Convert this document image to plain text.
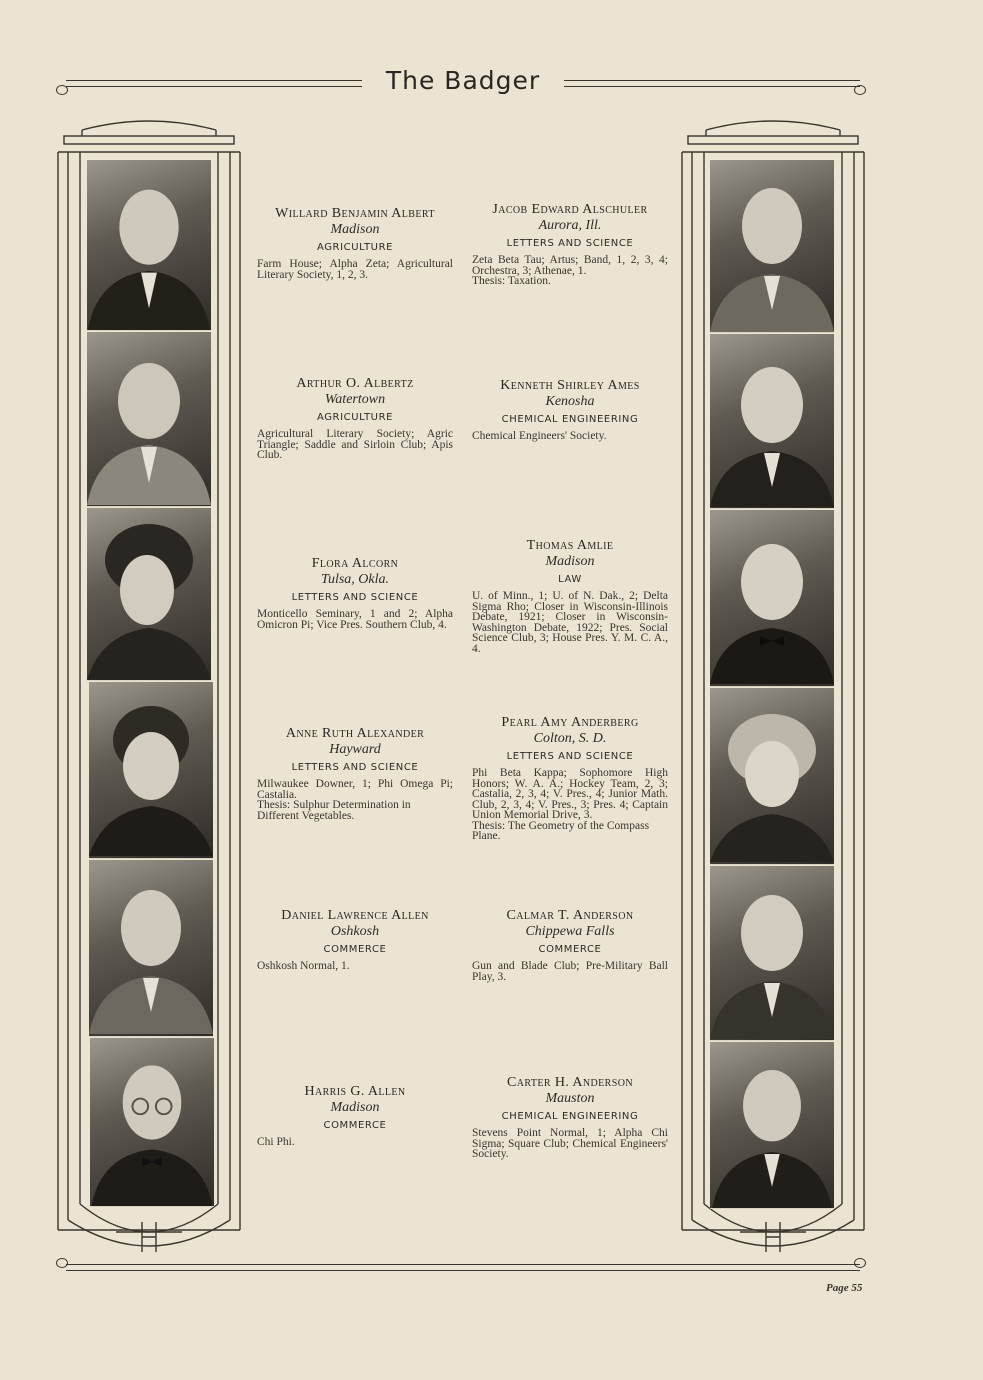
The Badger
Willard Benjamin Albert
Madison
AGRICULTURE
Farm House; Alpha Zeta; Agricultural Literary Society, 1, 2, 3.
Arthur O. Albertz
Watertown
AGRICULTURE
Agricultural Literary Society; Agric Triangle; Saddle and Sirloin Club; Apis Club.
Flora Alcorn
Tulsa, Okla.
LETTERS AND SCIENCE
Monticello Seminary, 1 and 2; Alpha Omicron Pi; Vice Pres. Southern Club, 4.
Anne Ruth Alexander
Hayward
LETTERS AND SCIENCE
Milwaukee Downer, 1; Phi Omega Pi; Castalia.
Thesis: Sulphur Determination in Different Vegetables.
Daniel Lawrence Allen
Oshkosh
COMMERCE
Oshkosh Normal, 1.
Harris G. Allen
Madison
COMMERCE
Chi Phi.
Jacob Edward Alschuler
Aurora, Ill.
LETTERS AND SCIENCE
Zeta Beta Tau; Artus; Band, 1, 2, 3, 4; Orchestra, 3; Athenae, 1.
Thesis: Taxation.
Kenneth Shirley Ames
Kenosha
CHEMICAL ENGINEERING
Chemical Engineers' Society.
Thomas Amlie
Madison
LAW
U. of Minn., 1; U. of N. Dak., 2; Delta Sigma Rho; Closer in Wisconsin-Illinois Debate, 1921; Closer in Wisconsin-Washington Debate, 1922; Pres. Social Science Club, 3; House Pres. Y. M. C. A., 4.
Pearl Amy Anderberg
Colton, S. D.
LETTERS AND SCIENCE
Phi Beta Kappa; Sophomore High Honors; W. A. A.; Hockey Team, 2, 3; Castalia, 2, 3, 4; V. Pres., 4; Junior Math. Club, 2, 3, 4; V. Pres., 3; Pres. 4; Captain Union Memorial Drive, 3.
Thesis: The Geometry of the Compass Plane.
Calmar T. Anderson
Chippewa Falls
COMMERCE
Gun and Blade Club; Pre-Military Ball Play, 3.
Carter H. Anderson
Mauston
CHEMICAL ENGINEERING
Stevens Point Normal, 1; Alpha Chi Sigma; Square Club; Chemical Engineers' Society.
Page 55
